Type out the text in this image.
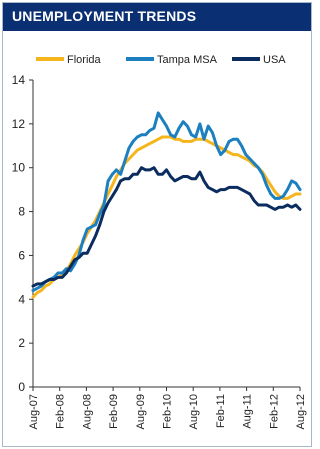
UNEMPLOYMENT TRENDS
Florida	Tampa MSA	USA
0
2
4
6
8
10
12
14
Aug-07 Feb-08 Aug-08 Feb-09 Aug-09 Feb-10 Aug-10 Feb-11 Aug-11 Feb-12 Aug-12
